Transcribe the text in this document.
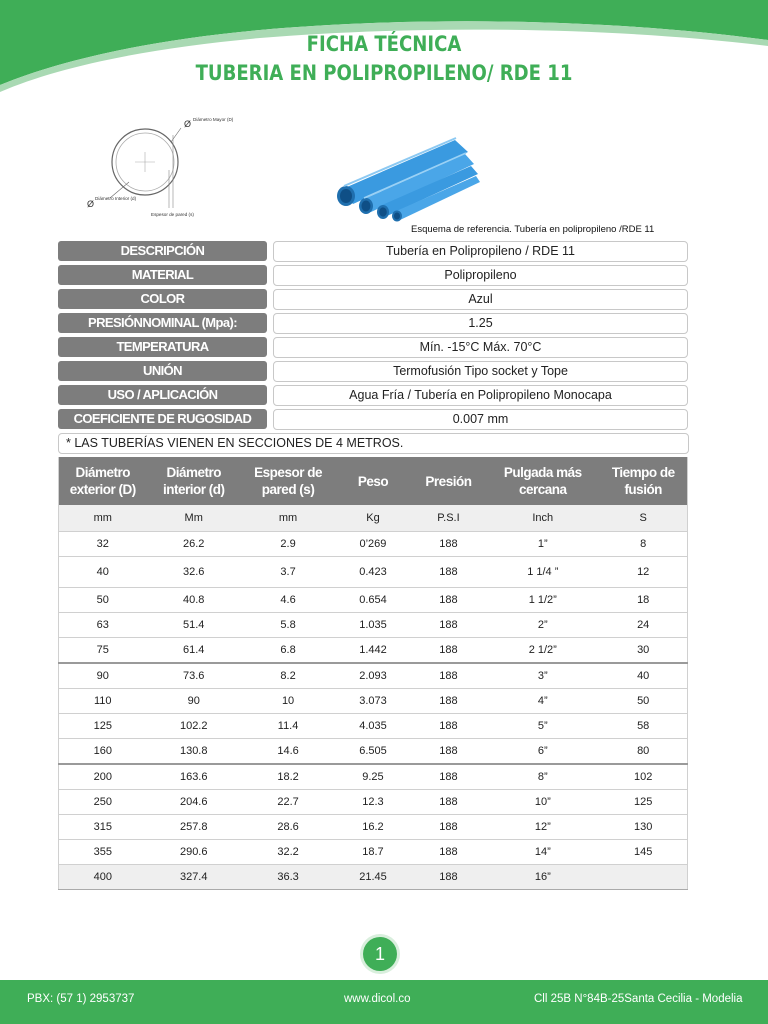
FICHA TÉCNICA
TUBERIA EN POLIPROPILENO/ RDE 11
Ø Diámetro Mayor (D)
Ø
Diámetro Interior (d)
Espesor de pared (s)
Esquema de referencia. Tubería en polipropileno /RDE 11
DESCRIPCIÓN	Tubería en Polipropileno / RDE 11
MATERIAL	Polipropileno
COLOR	Azul
PRESIÓNNOMINAL (Mpa):	1.25
TEMPERATURA	Mín. -15°C Máx. 70°C
UNIÓN	Termofusión Tipo socket y Tope
USO / APLICACIÓN	Agua Fría / Tubería en Polipropileno Monocapa
COEFICIENTE DE RUGOSIDAD	0.007 mm
* LAS TUBERÍAS VIENEN EN SECCIONES DE 4 METROS.
Diámetro exterior (D)	Diámetro interior (d)	Espesor de pared (s)	Peso	Presión	Pulgada más cercana	Tiempo de fusión
mm	Mm	mm	Kg	P.S.I	Inch	S
32	26.2	2.9	0’269	188	1”	8
40	32.6	3.7	0.423	188	1 1/4 ”	12
50	40.8	4.6	0.654	188	1 1/2”	18
63	51.4	5.8	1.035	188	2”	24
75	61.4	6.8	1.442	188	2 1/2”	30
90	73.6	8.2	2.093	188	3”	40
110	90	10	3.073	188	4”	50
125	102.2	11.4	4.035	188	5”	58
160	130.8	14.6	6.505	188	6”	80
200	163.6	18.2	9.25	188	8”	102
250	204.6	22.7	12.3	188	10”	125
315	257.8	28.6	16.2	188	12”	130
355	290.6	32.2	18.7	188	14”	145
400	327.4	36.3	21.45	188	16”	
1
PBX: (57 1) 2953737	www.dicol.co	Cll 25B N°84B-25Santa Cecilia - Modelia
